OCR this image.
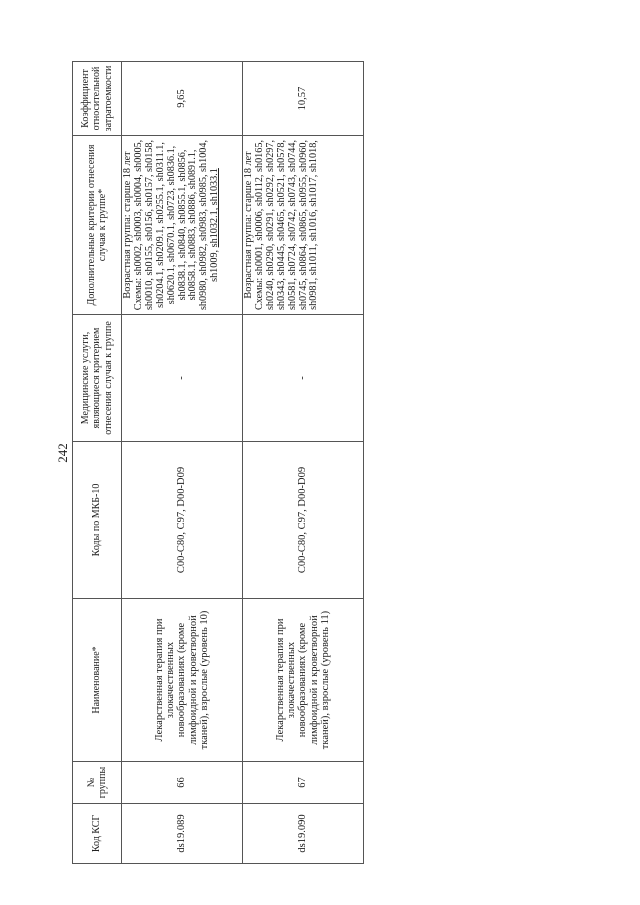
242
Код КСГ	№ группы	Наименование*	Коды по МКБ-10	Медицинские услуги, являющиеся критерием отнесения случая к группе	Дополнительные критерии отнесения случая к группе*	Коэффициент относительной затратоемкости
ds19.089	66	Лекарственная терапия при злокачественных новообразованиях (кроме лимфоидной и кроветворной тканей), взрослые (уровень 10)	C00-C80, C97, D00-D09	-	Возрастная группа: старше 18 лет Схемы: sh0002, sh0003, sh0004, sh0005, sh0010, sh0155, sh0156, sh0157, sh0158, sh0204.1, sh0209.1, sh0255.1, sh0311.1, sh0620.1, sh0670.1, sh0723, sh0836.1, sh0838.1, sh0840, sh0855.1, sh0856, sh0858.1, sh0883, sh0886, sh0891.1, sh0980, sh0982, sh0983, sh0985, sh1004, sh1009, sh1032.1, sh1033.1	9,65
ds19.090	67	Лекарственная терапия при злокачественных новообразованиях (кроме лимфоидной и кроветворной тканей), взрослые (уровень 11)	C00-C80, C97, D00-D09	-	Возрастная группа: старше 18 лет Схемы: sh0001, sh0006, sh0112, sh0165, sh0240, sh0290, sh0291, sh0292, sh0297, sh0343, sh0445, sh0465, sh0521, sh0578, sh0581, sh0724, sh0742, sh0743, sh0744, sh0745, sh0864, sh0865, sh0955, sh0960, sh0981, sh1011, sh1016, sh1017, sh1018,	10,57
